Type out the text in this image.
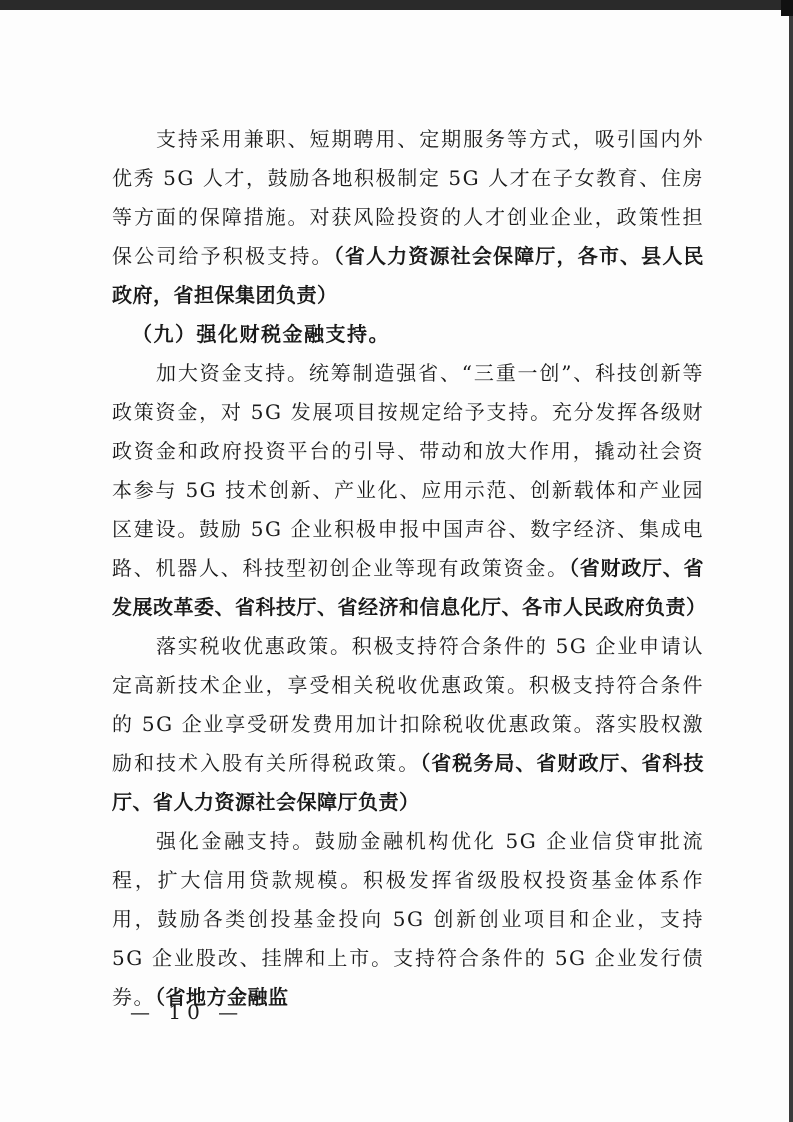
支持采用兼职、短期聘用、定期服务等方式，吸引国内外优秀 5G 人才，鼓励各地积极制定 5G 人才在子女教育、住房等方面的保障措施。对获风险投资的人才创业企业，政策性担保公司给予积极支持。（省人力资源社会保障厅，各市、县人民政府，省担保集团负责）

（九）强化财税金融支持。

加大资金支持。统筹制造强省、“三重一创”、科技创新等政策资金，对 5G 发展项目按规定给予支持。充分发挥各级财政资金和政府投资平台的引导、带动和放大作用，撬动社会资本参与 5G 技术创新、产业化、应用示范、创新载体和产业园区建设。鼓励 5G 企业积极申报中国声谷、数字经济、集成电路、机器人、科技型初创企业等现有政策资金。（省财政厅、省发展改革委、省科技厅、省经济和信息化厅、各市人民政府负责）

落实税收优惠政策。积极支持符合条件的 5G 企业申请认定高新技术企业，享受相关税收优惠政策。积极支持符合条件的 5G 企业享受研发费用加计扣除税收优惠政策。落实股权激励和技术入股有关所得税政策。（省税务局、省财政厅、省科技厅、省人力资源社会保障厅负责）

强化金融支持。鼓励金融机构优化 5G 企业信贷审批流程，扩大信用贷款规模。积极发挥省级股权投资基金体系作用，鼓励各类创投基金投向 5G 创新创业项目和企业，支持 5G 企业股改、挂牌和上市。支持符合条件的 5G 企业发行债券。（省地方金融监

— 10 —
